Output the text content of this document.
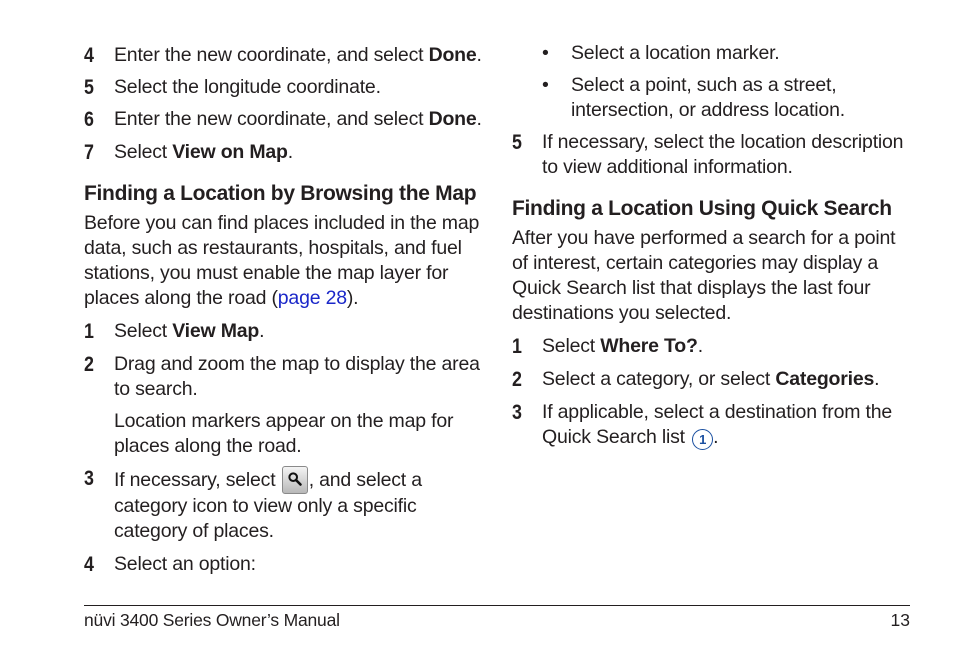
4	Enter the new coordinate, and select Done.
5	Select the longitude coordinate.
6	Enter the new coordinate, and select Done.
7	Select View on Map.
Finding a Location by Browsing the Map

Before you can find places included in the map
data, such as restaurants, hospitals, and fuel
stations, you must enable the map layer for
places along the road (page 28).

1	Select View Map.
2	Drag and zoom the map to display the area
to search.
Location markers appear on the map for
places along the road.
3	If necessary, select
, and select a
category icon to view only a specific
category of places.
4	Select an option:
•	Select a location marker.
•	Select a point, such as a street,
intersection, or address location.
5	If necessary, select the location description
to view additional information.
Finding a Location Using Quick Search

After you have performed a search for a point
of interest, certain categories may display a
Quick Search list that displays the last four
destinations you selected.

1	Select Where To?.
2	Select a category, or select Categories.
3	If applicable, select a destination from the
Quick Search list 1 .
nüvi 3400 Series Owner’s Manual	13
